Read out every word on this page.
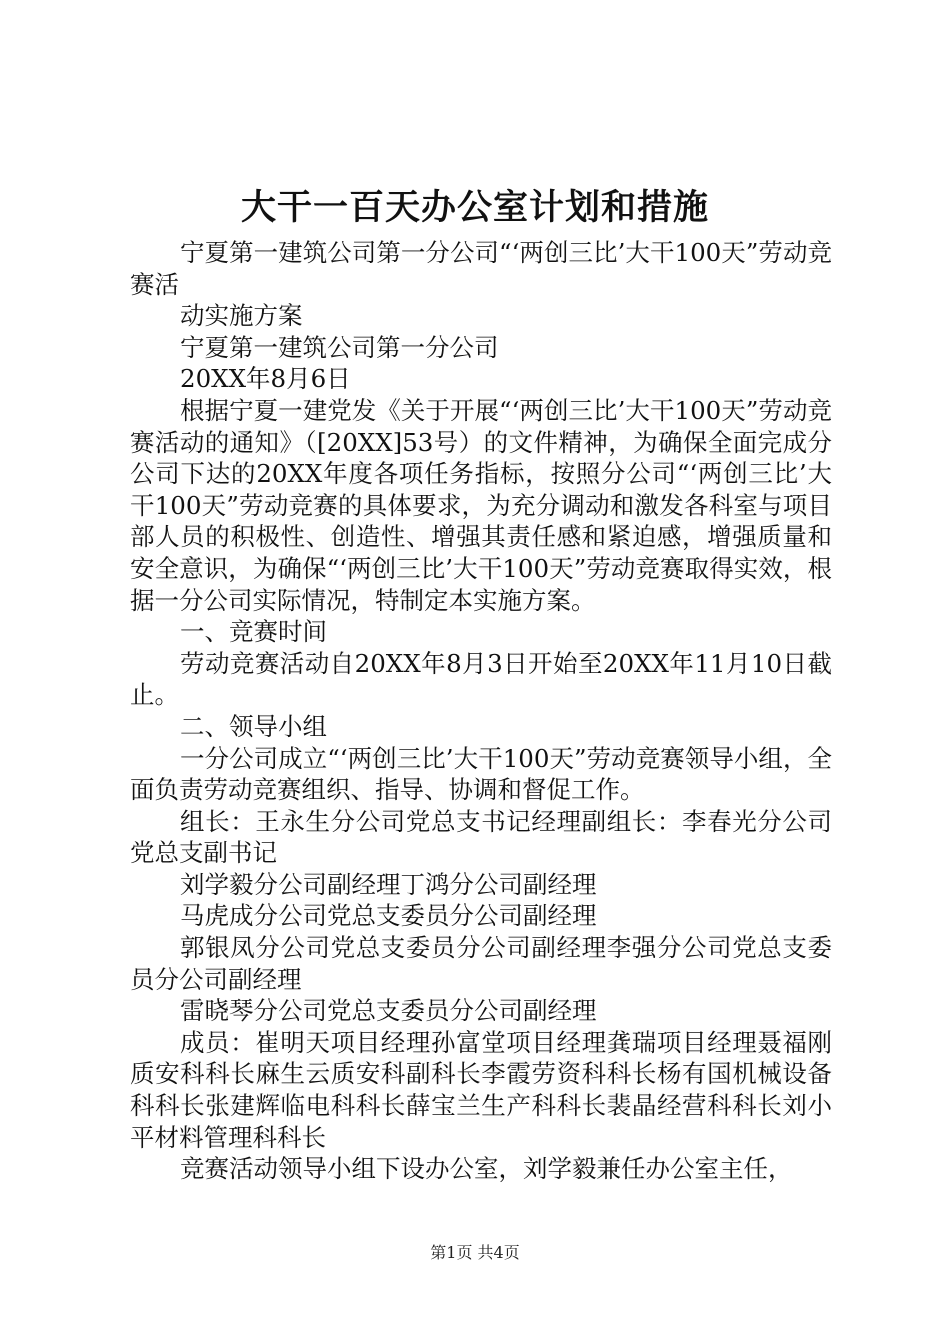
大干一百天办公室计划和措施

宁夏第一建筑公司第一分公司“‘两创三比’大干100天”劳动竞赛活

动实施方案

宁夏第一建筑公司第一分公司

20XX年8月6日

根据宁夏一建党发《关于开展“‘两创三比’大干100天”劳动竞赛活动的通知》（[20XX]53号）的文件精神，为确保全面完成分公司下达的20XX年度各项任务指标，按照分公司“‘两创三比’大干100天”劳动竞赛的具体要求，为充分调动和激发各科室与项目部人员的积极性、创造性、增强其责任感和紧迫感，增强质量和安全意识，为确保“‘两创三比’大干100天”劳动竞赛取得实效，根据一分公司实际情况，特制定本实施方案。

一、竞赛时间

劳动竞赛活动自20XX年8月3日开始至20XX年11月10日截止。

二、领导小组

一分公司成立“‘两创三比’大干100天”劳动竞赛领导小组，全面负责劳动竞赛组织、指导、协调和督促工作。

组长：王永生分公司党总支书记经理副组长：李春光分公司党总支副书记

刘学毅分公司副经理丁鸿分公司副经理

马虎成分公司党总支委员分公司副经理

郭银凤分公司党总支委员分公司副经理李强分公司党总支委员分公司副经理

雷晓琴分公司党总支委员分公司副经理

成员：崔明天项目经理孙富堂项目经理龚瑞项目经理聂福刚质安科科长麻生云质安科副科长李霞劳资科科长杨有国机械设备科科长张建辉临电科科长薛宝兰生产科科长裴晶经营科科长刘小平材料管理科科长

竞赛活动领导小组下设办公室，刘学毅兼任办公室主任，

第1页 共4页
